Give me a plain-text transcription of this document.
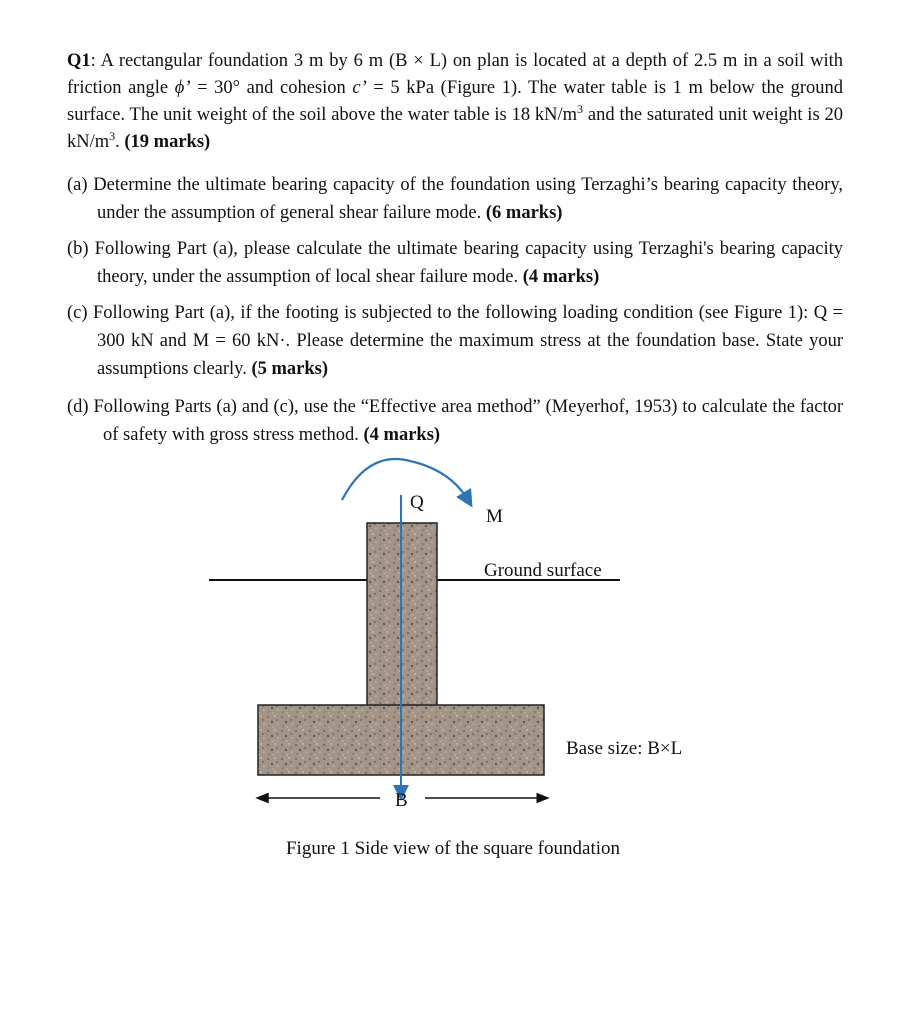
Q1: A rectangular foundation 3 m by 6 m (B × L) on plan is located at a depth of 2.5 m in a soil with friction angle ϕ’ = 30° and cohesion c’ = 5 kPa (Figure 1). The water table is 1 m below the ground surface. The unit weight of the soil above the water table is 18 $kN/m^3$ and the saturated unit weight is 20 $kN/m^3$. (19 marks)
(a) Determine the ultimate bearing capacity of the foundation using Terzaghi’s bearing capacity theory, under the assumption of general shear failure mode. (6 marks)
(b) Following Part (a), please calculate the ultimate bearing capacity using Terzaghi's bearing capacity theory, under the assumption of local shear failure mode. (4 marks)
(c) Following Part (a), if the footing is subjected to the following loading condition (see Figure 1): Q = 300 kN and M = 60 kN·. Please determine the maximum stress at the foundation base. State your assumptions clearly. (5 marks)
(d) Following Parts (a) and (c), use the “Effective area method” (Meyerhof, 1953) to calculate the factor of safety with gross stress method. (4 marks)
Ground surface
Q
M
Base size: B×L
B
Figure 1 Side view of the square foundation
